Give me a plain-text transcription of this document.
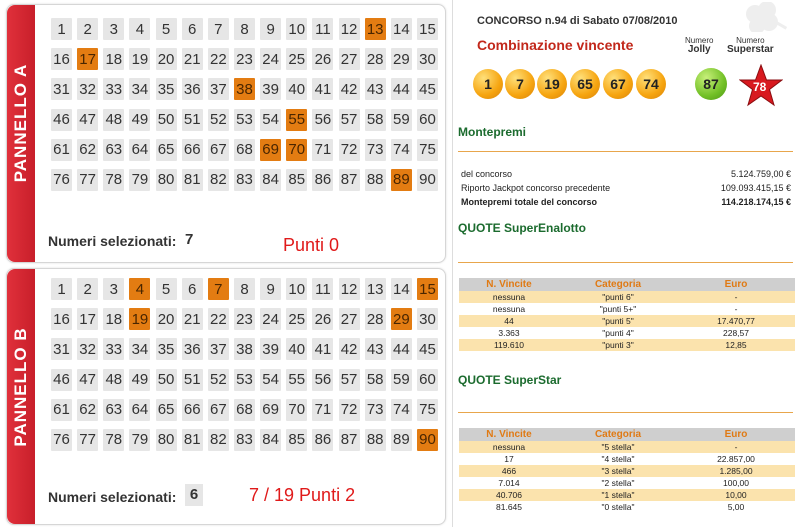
PANNELLO A
1	2	3	4	5	6	7	8	9 10 11 12 13 14 15
16 17 18 19 20 21 22 23 24 25 26 27 28 29 30
31 32 33 34 35 36 37 38 39 40 41 42 43 44 45
46 47 48 49 50 51 52 53 54 55 56 57 58 59 60
61 62 63 64 65 66 67 68 69 70 71 72 73 74 75
76 77 78 79 80 81 82 83 84 85 86 87 88 89 90
Numeri selezionati: 7	Punti 0
PANNELLO B
1	2	3	4	5	6	7	8	9 10 11 12 13 14 15
16 17 18 19 20 21 22 23 24 25 26 27 28 29 30
31 32 33 34 35 36 37 38 39 40 41 42 43 44 45
46 47 48 49 50 51 52 53 54 55 56 57 58 59 60
61 62 63 64 65 66 67 68 69 70 71 72 73 74 75
76 77 78 79 80 81 82 83 84 85 86 87 88 89 90
Numeri selezionati: 6	7 / 19 Punti 2
CONCORSO n.94 di Sabato 07/08/2010
Combinazione vincente	Numero
Jolly
Numero
Superstar
1	7	19	65	67	74	87	78
Montepremi
del concorso	5.124.759,00 €
Riporto Jackpot concorso precedente	109.093.415,15 €
Montepremi totale del concorso	114.218.174,15 €
QUOTE SuperEnalotto
N. Vincite	Categoria	Euro
nessuna	"punti 6"	-
nessuna	"punti 5+"	-
44	"punti 5"	17.470,77
3.363	"punti 4"	228,57
119.610	"punti 3"	12,85
QUOTE SuperStar
N. Vincite	Categoria	Euro
nessuna	"5 stella"	-
17	"4 stella"	22.857,00
466	"3 stella"	1.285,00
7.014	"2 stella"	100,00
40.706	"1 stella"	10,00
81.645	"0 stella"	5,00
